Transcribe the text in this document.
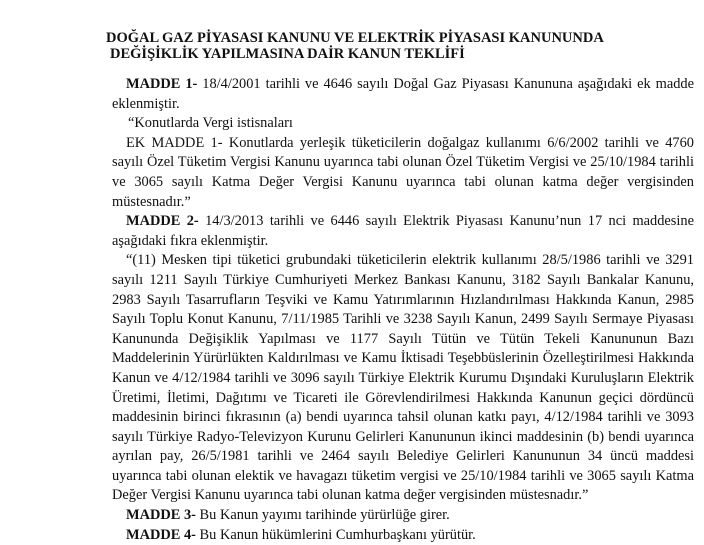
DOĞAL GAZ PİYASASI KANUNU VE ELEKTRİK PİYASASI KANUNUNDA
DEĞİŞİKLİK YAPILMASINA DAİR KANUN TEKLİFİ

MADDE 1- 18/4/2001 tarihli ve 4646 sayılı Doğal Gaz Piyasası Kanununa aşağıdaki ek madde eklenmiştir.

“Konutlarda Vergi istisnaları

EK MADDE 1- Konutlarda yerleşik tüketicilerin doğalgaz kullanımı 6/6/2002 tarihli ve 4760 sayılı Özel Tüketim Vergisi Kanunu uyarınca tabi olunan Özel Tüketim Vergisi ve 25/10/1984 tarihli ve 3065 sayılı Katma Değer Vergisi Kanunu uyarınca tabi olunan katma değer vergisinden müstesnadır.”

MADDE 2- 14/3/2013 tarihli ve 6446 sayılı Elektrik Piyasası Kanunu’nun 17 nci maddesine aşağıdaki fıkra eklenmiştir.

“(11) Mesken tipi tüketici grubundaki tüketicilerin elektrik kullanımı 28/5/1986 tarihli ve 3291 sayılı 1211 Sayılı Türkiye Cumhuriyeti Merkez Bankası Kanunu, 3182 Sayılı Bankalar Kanunu, 2983 Sayılı Tasarrufların Teşviki ve Kamu Yatırımlarının Hızlandırılması Hakkında Kanun, 2985 Sayılı Toplu Konut Kanunu, 7/11/1985 Tarihli ve 3238 Sayılı Kanun, 2499 Sayılı Sermaye Piyasası Kanununda Değişiklik Yapılması ve 1177 Sayılı Tütün ve Tütün Tekeli Kanununun Bazı Maddelerinin Yürürlükten Kaldırılması ve Kamu İktisadi Teşebbüslerinin Özelleştirilmesi Hakkında Kanun ve 4/12/1984 tarihli ve 3096 sayılı Türkiye Elektrik Kurumu Dışındaki Kuruluşların Elektrik Üretimi, İletimi, Dağıtımı ve Ticareti ile Görevlendirilmesi Hakkında Kanunun geçici dördüncü maddesinin birinci fıkrasının (a) bendi uyarınca tahsil olunan katkı payı, 4/12/1984 tarihli ve 3093 sayılı Türkiye Radyo-Televizyon Kurunu Gelirleri Kanununun ikinci maddesinin (b) bendi uyarınca ayrılan pay, 26/5/1981 tarihli ve 2464 sayılı Belediye Gelirleri Kanununun 34 üncü maddesi uyarınca tabi olunan elektik ve havagazı tüketim vergisi ve 25/10/1984 tarihli ve 3065 sayılı Katma Değer Vergisi Kanunu uyarınca tabi olunan katma değer vergisinden müstesnadır.”

MADDE 3- Bu Kanun yayımı tarihinde yürürlüğe girer.

MADDE 4- Bu Kanun hükümlerini Cumhurbaşkanı yürütür.
